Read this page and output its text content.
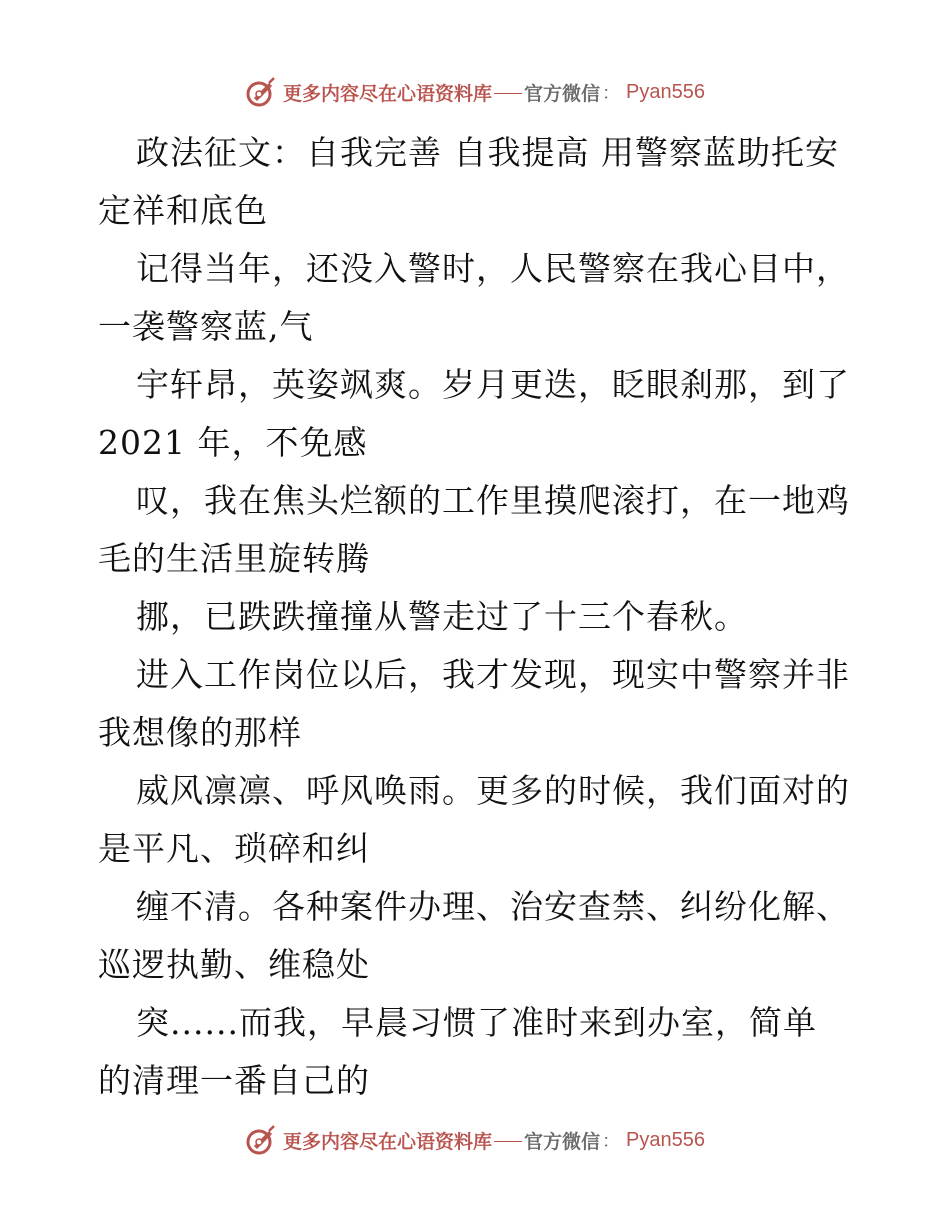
更多内容尽在心语资料库 官方微信 ： Pyan556
政法征文：自我完善 自我提高 用警察蓝助托安
定祥和底色
记得当年，还没入警时，人民警察在我心目中，
一袭警察蓝,气
宇轩昂，英姿飒爽。岁月更迭，眨眼刹那，到了
2021 年，不免感
叹，我在焦头烂额的工作里摸爬滚打，在一地鸡
毛的生活里旋转腾
挪，已跌跌撞撞从警走过了十三个春秋。
进入工作岗位以后，我才发现，现实中警察并非
我想像的那样
威风凛凛、呼风唤雨。更多的时候，我们面对的
是平凡、琐碎和纠
缠不清。各种案件办理、治安查禁、纠纷化解、
巡逻执勤、维稳处
突......而我，早晨习惯了准时来到办室，简单
的清理一番自己的
更多内容尽在心语资料库 官方微信 ： Pyan556
